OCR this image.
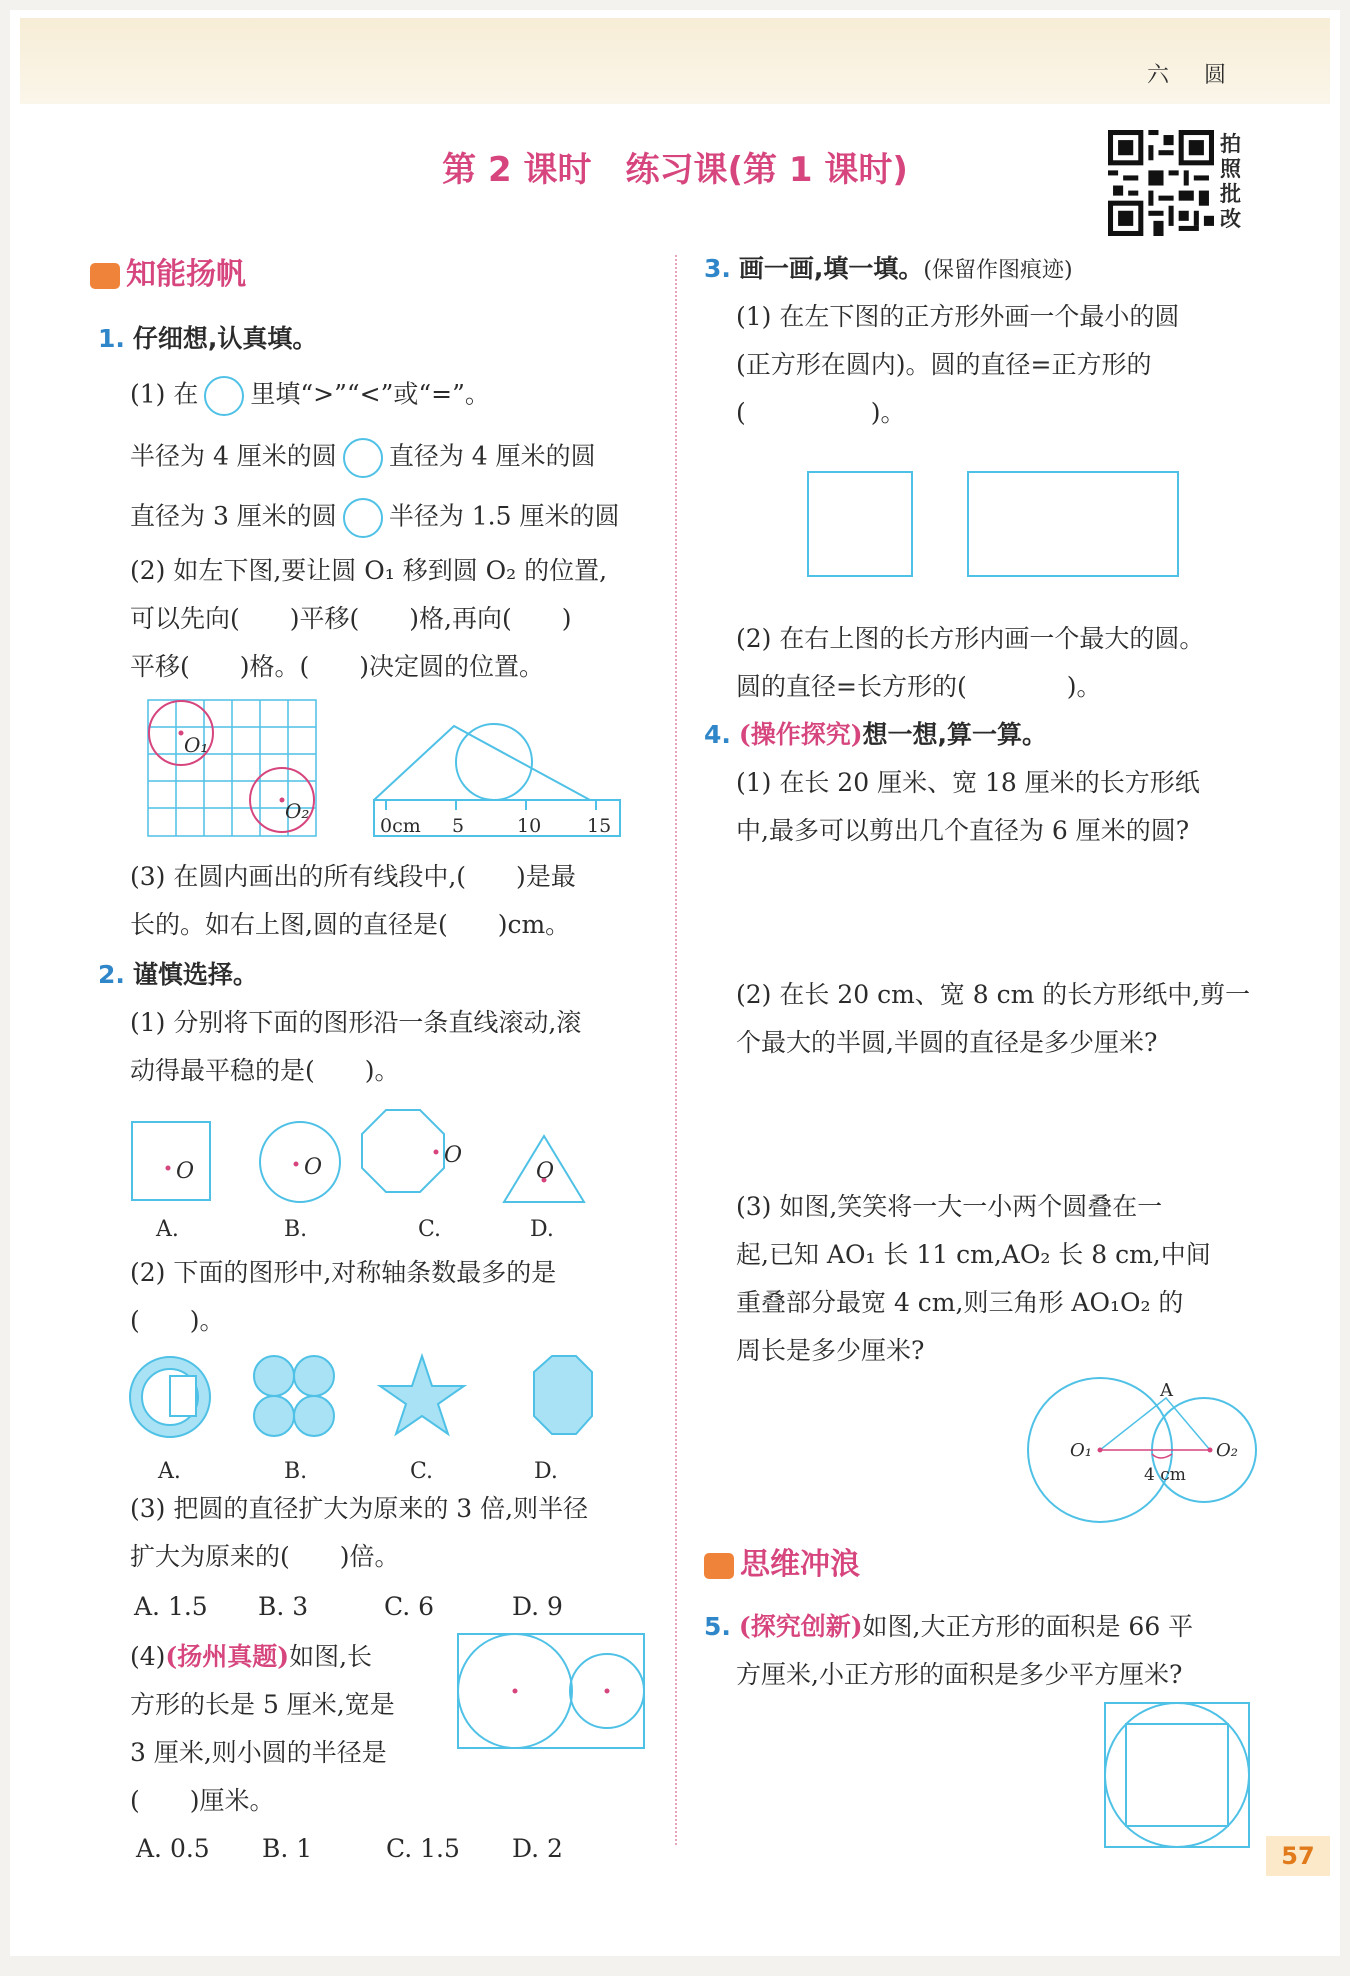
六 圆
第 2 课时　练习课(第 1 课时)
拍照批改
知能扬帆
1. 仔细想,认真填。
(1) 在 里填“>”“<”或“=”。
半径为 4 厘米的圆 直径为 4 厘米的圆
直径为 3 厘米的圆 半径为 1.5 厘米的圆
(2) 如左下图,要让圆 O₁ 移到圆 O₂ 的位置,
可以先向(　　)平移(　　)格,再向(　　)
平移(　　)格。(　　)决定圆的位置。
O₁
O₂
0cm 5	10 15
(3) 在圆内画出的所有线段中,(　　)是最
长的。如右上图,圆的直径是(　　)cm。
2. 谨慎选择。
(1) 分别将下面的图形沿一条直线滚动,滚
动得最平稳的是(　　)。
O	O	O
O
A.	B.	C.	D.
(2) 下面的图形中,对称轴条数最多的是
(　　)。
A.	B.	C.	D.
(3) 把圆的直径扩大为原来的 3 倍,则半径
扩大为原来的(　　)倍。
A. 1.5 B. 3	C. 6	D. 9
(4)(扬州真题)如图,长
方形的长是 5 厘米,宽是
3 厘米,则小圆的半径是
(　　)厘米。
A. 0.5 B. 1	C. 1.5 D. 2
3. 画一画,填一填。(保留作图痕迹)
(1) 在左下图的正方形外画一个最小的圆
(正方形在圆内)。圆的直径=正方形的
(　　　　　)。
(2) 在右上图的长方形内画一个最大的圆。
圆的直径=长方形的(　　　　)。
4. (操作探究)想一想,算一算。
(1) 在长 20 厘米、宽 18 厘米的长方形纸
中,最多可以剪出几个直径为 6 厘米的圆?
(2) 在长 20 cm、宽 8 cm 的长方形纸中,剪一
个最大的半圆,半圆的直径是多少厘米?
(3) 如图,笑笑将一大一小两个圆叠在一
起,已知 AO₁ 长 11 cm,AO₂ 长 8 cm,中间
重叠部分最宽 4 cm,则三角形 AO₁O₂ 的
周长是多少厘米?
A
O₁	O₂
4 cm
思维冲浪
5. (探究创新)如图,大正方形的面积是 66 平
方厘米,小正方形的面积是多少平方厘米?
57
